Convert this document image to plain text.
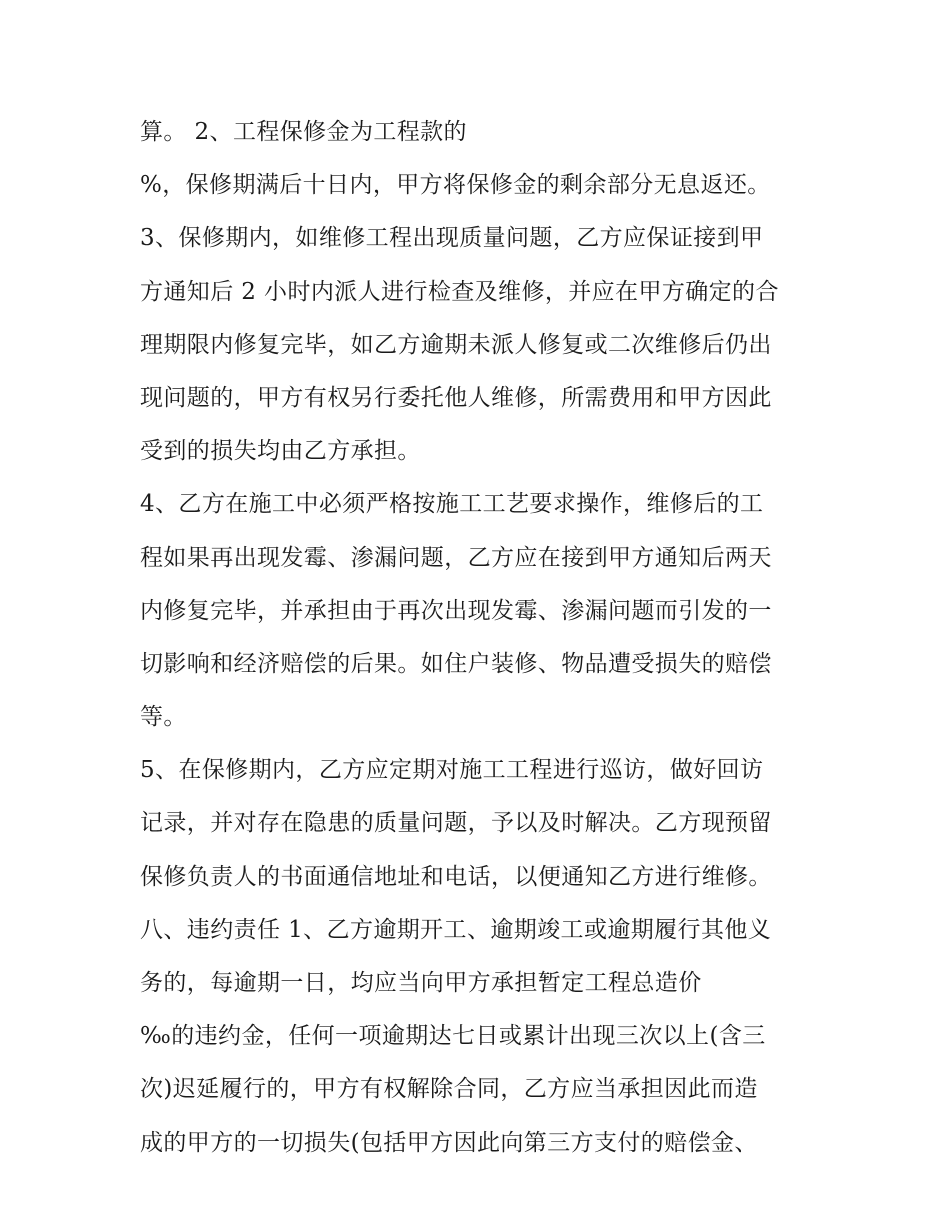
算。 2、工程保修金为工程款的
%，保修期满后十日内，甲方将保修金的剩余部分无息返还。
3、保修期内，如维修工程出现质量问题，乙方应保证接到甲
方通知后 2 小时内派人进行检查及维修，并应在甲方确定的合
理期限内修复完毕，如乙方逾期未派人修复或二次维修后仍出
现问题的，甲方有权另行委托他人维修，所需费用和甲方因此
受到的损失均由乙方承担。
4、乙方在施工中必须严格按施工工艺要求操作，维修后的工
程如果再出现发霉、渗漏问题，乙方应在接到甲方通知后两天
内修复完毕，并承担由于再次出现发霉、渗漏问题而引发的一
切影响和经济赔偿的后果。如住户装修、物品遭受损失的赔偿
等。
5、在保修期内，乙方应定期对施工工程进行巡访，做好回访
记录，并对存在隐患的质量问题，予以及时解决。乙方现预留
保修负责人的书面通信地址和电话，以便通知乙方进行维修。
八、违约责任 1、乙方逾期开工、逾期竣工或逾期履行其他义
务的，每逾期一日，均应当向甲方承担暂定工程总造价
‰的违约金，任何一项逾期达七日或累计出现三次以上(含三
次)迟延履行的，甲方有权解除合同，乙方应当承担因此而造
成的甲方的一切损失(包括甲方因此向第三方支付的赔偿金、
